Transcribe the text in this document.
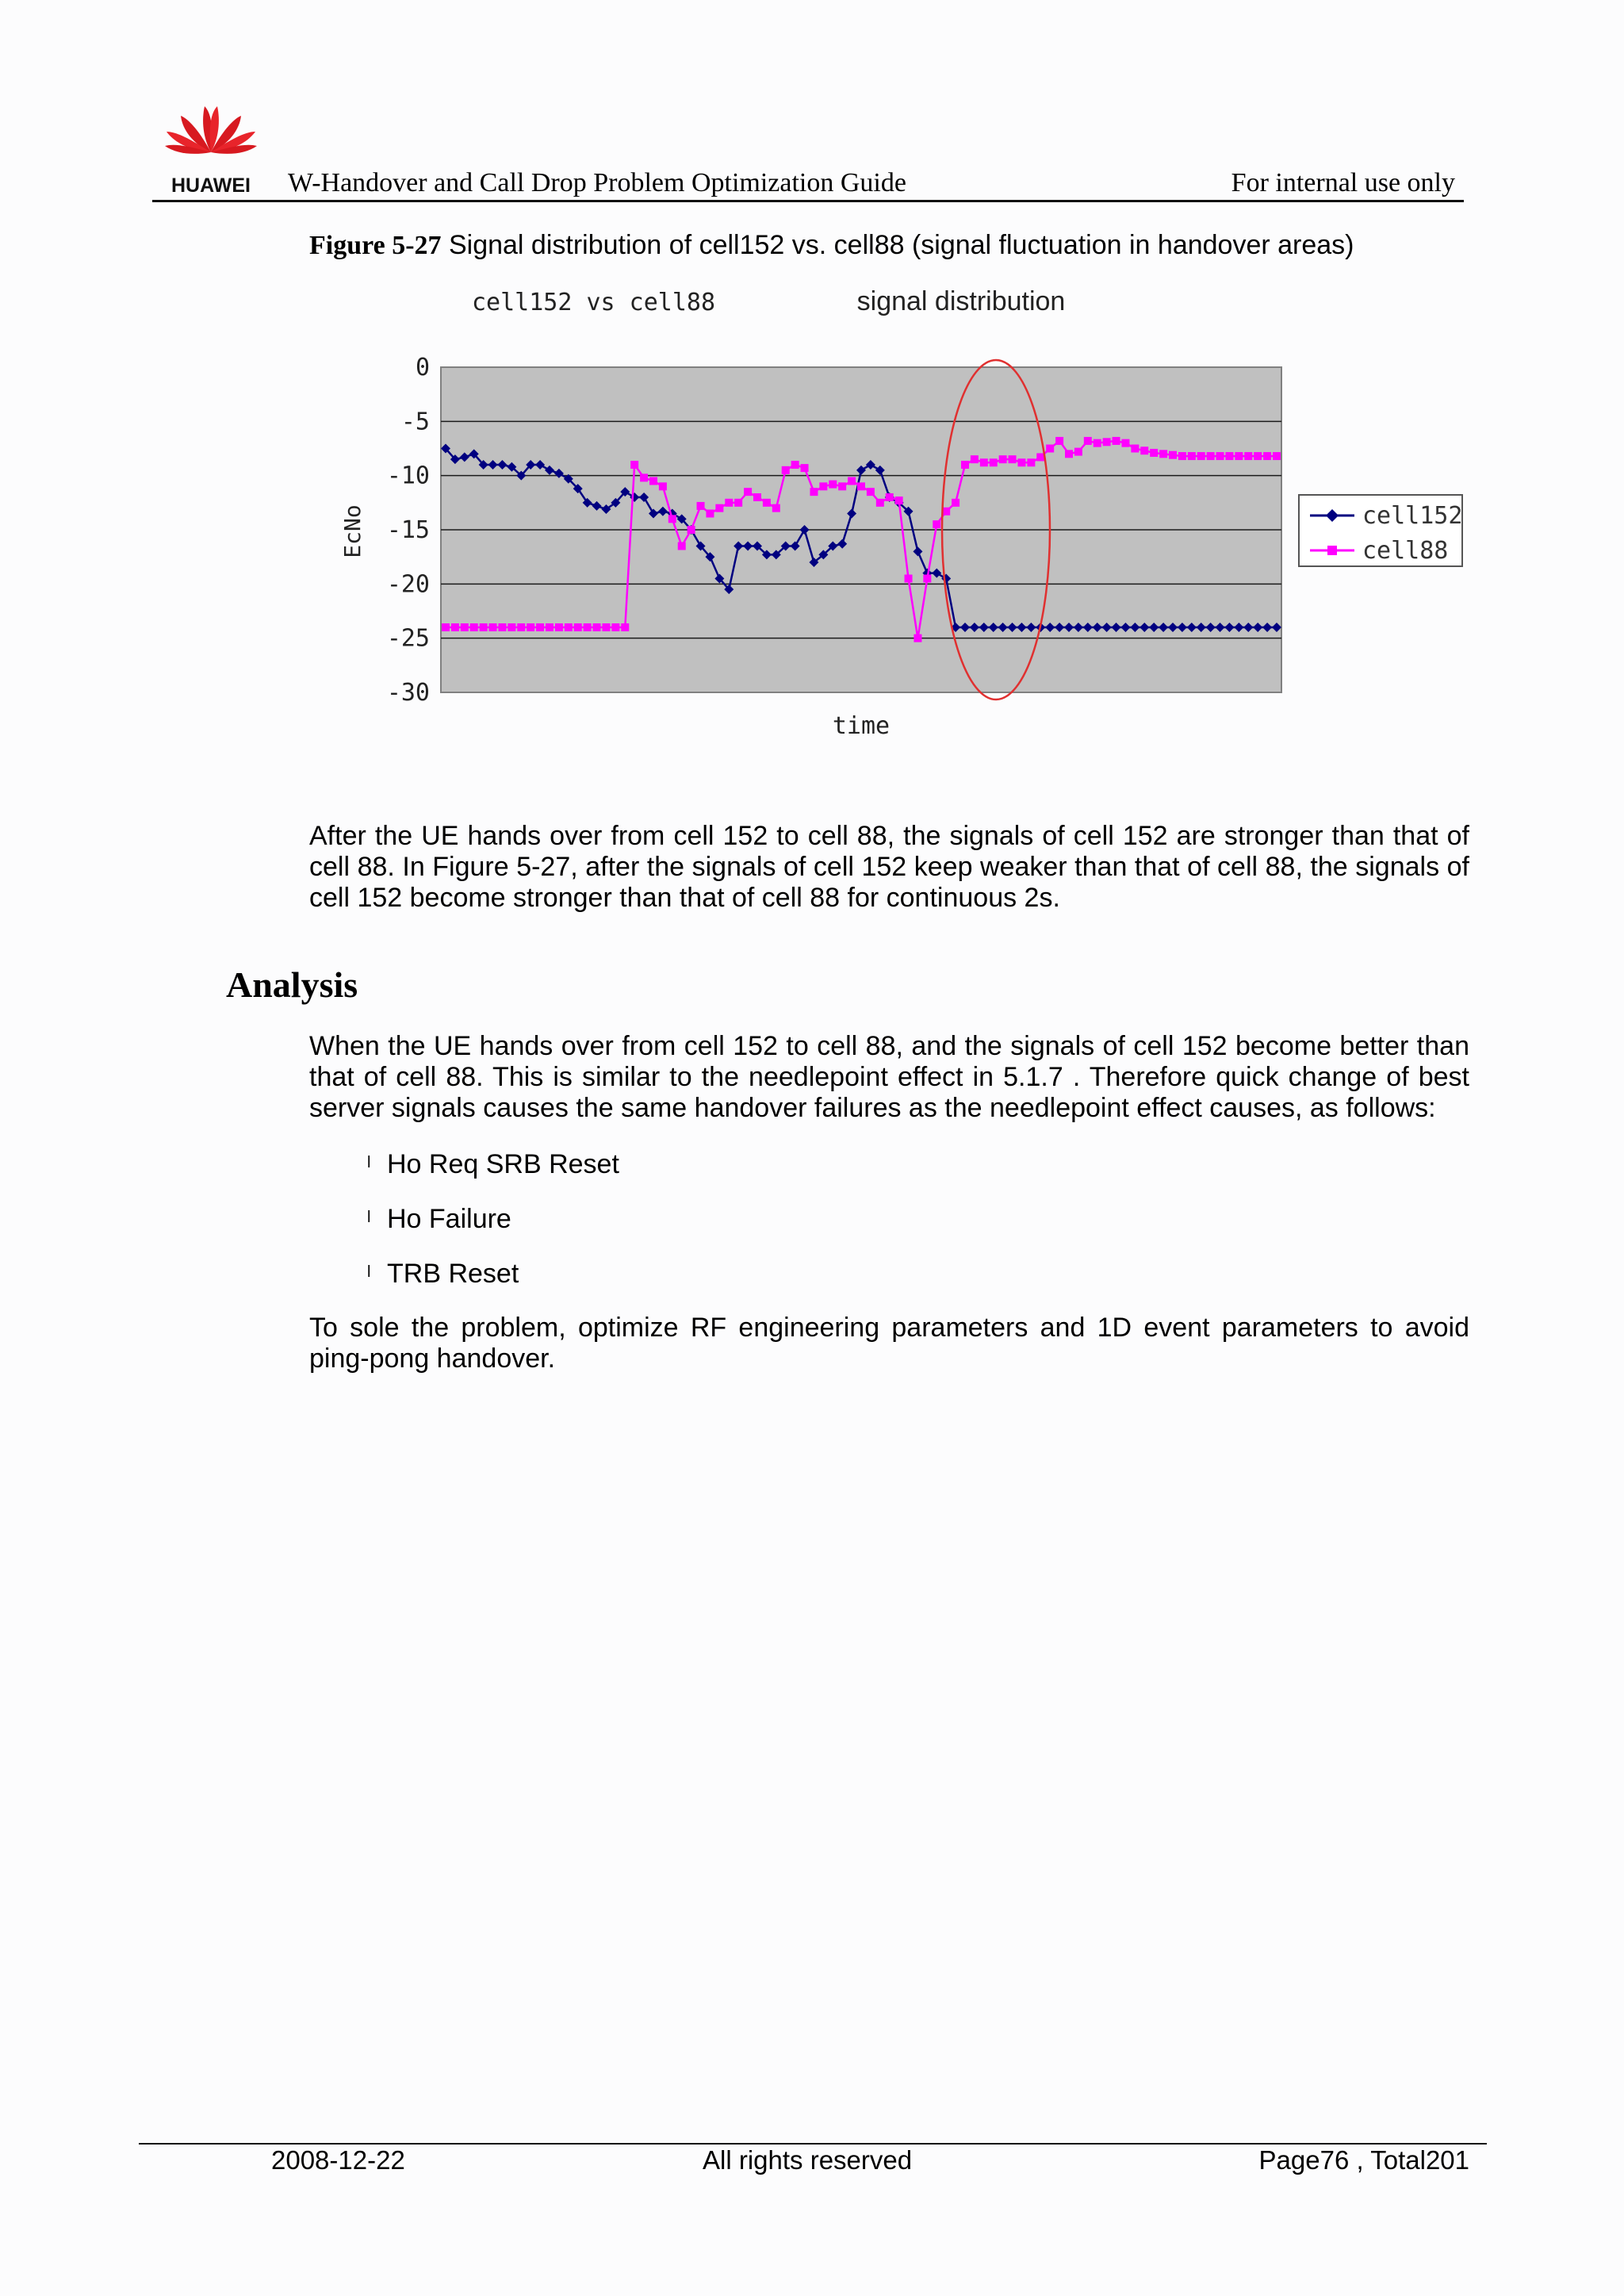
HUAWEI W-Handover and Call Drop Problem Optimization Guide	For internal use only
Figure 5-27 Signal distribution of cell152 vs. cell88 (signal fluctuation in handover areas)
cell152 vs cell88	signal distribution
0
-5
-10
-15
-20
-25
-30
EcNo
time
cell152
cell88
After the UE hands over from cell 152 to cell 88, the signals of cell 152 are stronger than that of cell 88. In Figure 5-27, after the signals of cell 152 keep weaker than that of cell 88, the signals of cell 152 become stronger than that of cell 88 for continuous 2s.
Analysis
When the UE hands over from cell 152 to cell 88, and the signals of cell 152 become better than that of cell 88. This is similar to the needlepoint effect in 5.1.7 . Therefore quick change of best server signals causes the same handover failures as the needlepoint effect causes, as follows:
l Ho Req SRB Reset
l Ho Failure
l TRB Reset
To sole the problem, optimize RF engineering parameters and 1D event parameters to avoid ping-pong handover.
2008-12-22	All rights reserved	Page76 , Total201
